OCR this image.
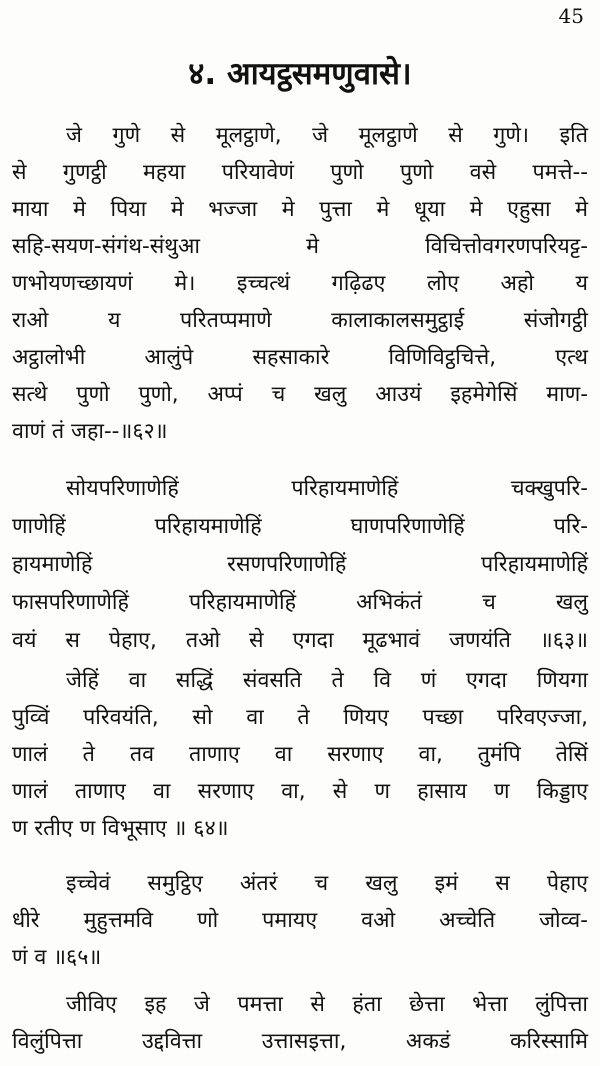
45
४. आयट्ठसमणुवासे।
जे गुणे से मूलट्ठाणे, जे मूलट्ठाणे से गुणे। इति
से गुणट्ठी महया परियावेणं पुणो पुणो वसे पमत्ते--
माया मे पिया मे भज्जा मे पुत्ता मे धूया मे एहुसा मे
सहि-सयण-संगंथ-संथुआ मे विचित्तोवगरणपरियट्ट-
णभोयणच्छायणं मे। इच्चत्थं गढ़िढए लोए अहो य
राओ य परितप्पमाणे कालाकालसमुट्ठाई संजोगट्ठी
अट्ठालोभी आलुंपे सहसाकारे विणिविट्ठचित्ते, एत्थ
सत्थे पुणो पुणो, अप्पं च खलु आउयं इहमेगेसिं माण-
वाणं तं जहा--॥६२॥
सोयपरिणाणेहिं परिहायमाणेहिं चक्खुपरि-
णाणेहिं परिहायमाणेहिं घाणपरिणाणेहिं परि-
हायमाणेहिं रसणपरिणाणेहिं परिहायमाणेहिं
फासपरिणाणेहिं परिहायमाणेहिं अभिकंतं च खलु
वयं स पेहाए, तओ से एगदा मूढभावं जणयंति ॥६३॥
जेहिं वा सद्धिं संवसति ते वि णं एगदा णियगा
पुव्विं परिवयंति, सो वा ते णियए पच्छा परिवएज्जा,
णालं ते तव ताणाए वा सरणाए वा, तुमंपि तेसिं
णालं ताणाए वा सरणाए वा, से ण हासाय ण किड्डाए
ण रतीए ण विभूसाए ॥ ६४॥
इच्चेवं समुट्ठिए अंतरं च खलु इमं स पेहाए
धीरे मुहुत्तमवि णो पमायए वओ अच्चेति जोव्व-
णं व ॥६५॥
जीविए इह जे पमत्ता से हंता छेत्ता भेत्ता लुंपित्ता
विलुंपित्ता उद्दवित्ता उत्तासइत्ता, अकडं करिस्सामि
